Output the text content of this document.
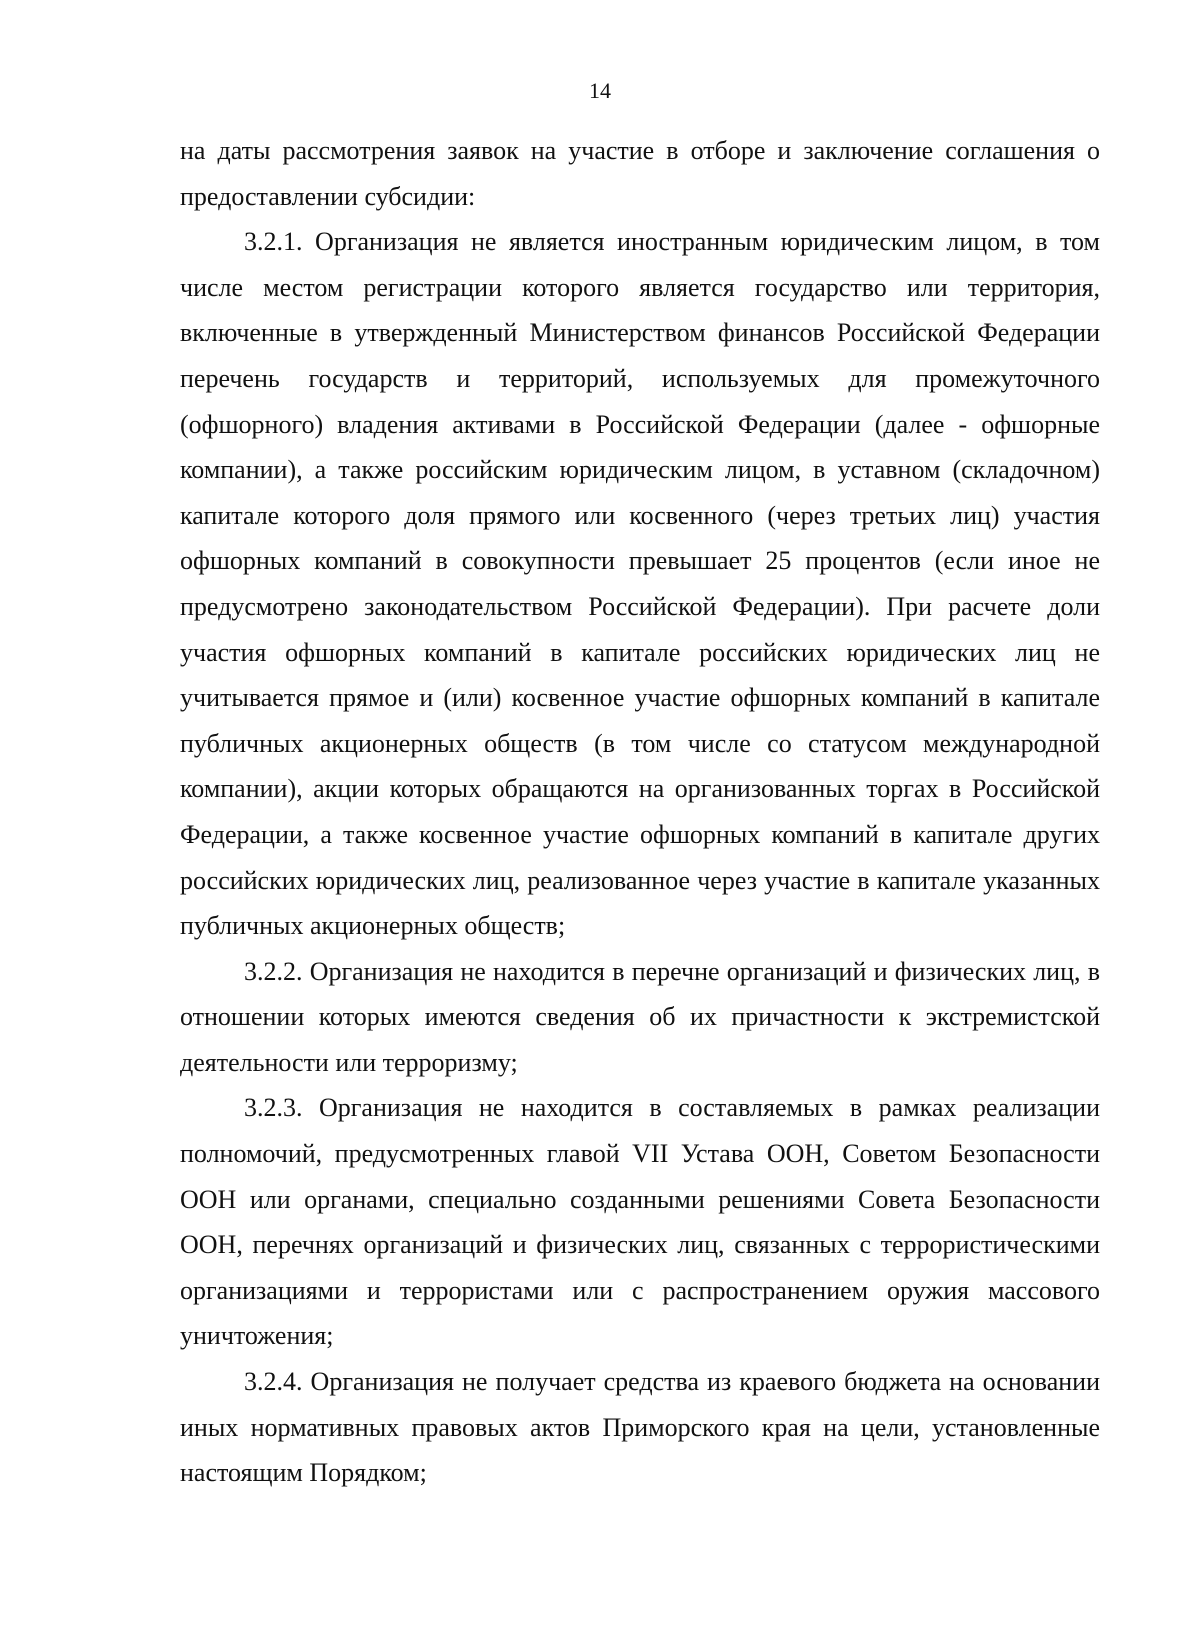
14

на даты рассмотрения заявок на участие в отборе и заключение соглашения о предоставлении субсидии:

3.2.1. Организация не является иностранным юридическим лицом, в том числе местом регистрации которого является государство или территория, включенные в утвержденный Министерством финансов Российской Федерации перечень государств и территорий, используемых для промежуточного (офшорного) владения активами в Российской Федерации (далее - офшорные компании), а также российским юридическим лицом, в уставном (складочном) капитале которого доля прямого или косвенного (через третьих лиц) участия офшорных компаний в совокупности превышает 25 процентов (если иное не предусмотрено законодательством Российской Федерации). При расчете доли участия офшорных компаний в капитале российских юридических лиц не учитывается прямое и (или) косвенное участие офшорных компаний в капитале публичных акционерных обществ (в том числе со статусом международной компании), акции которых обращаются на организованных торгах в Российской Федерации, а также косвенное участие офшорных компаний в капитале других российских юридических лиц, реализованное через участие в капитале указанных публичных акционерных обществ;

3.2.2. Организация не находится в перечне организаций и физических лиц, в отношении которых имеются сведения об их причастности к экстремистской деятельности или терроризму;

3.2.3. Организация не находится в составляемых в рамках реализации полномочий, предусмотренных главой VII Устава ООН, Советом Безопасности ООН или органами, специально созданными решениями Совета Безопасности ООН, перечнях организаций и физических лиц, связанных с террористическими организациями и террористами или с распространением оружия массового уничтожения;

3.2.4. Организация не получает средства из краевого бюджета на основании иных нормативных правовых актов Приморского края на цели, установленные настоящим Порядком;
